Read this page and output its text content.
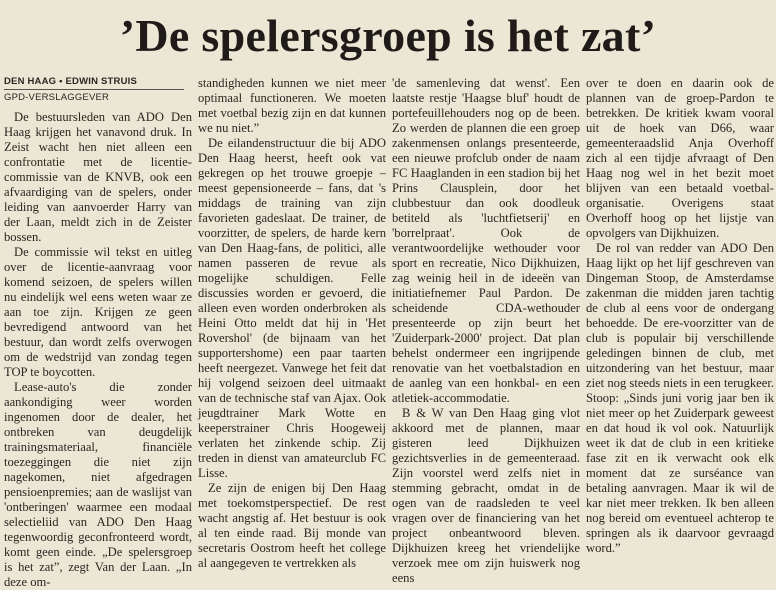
’De spelersgroep is het zat’
DEN HAAG • EDWIN STRUIS
GPD-VERSLAGGEVER

De bestuursleden van ADO Den Haag krijgen het vanavond druk. In Zeist wacht hen niet alleen een confrontatie met de licentie-commissie van de KNVB, ook een afvaardiging van de spelers, onder leiding van aanvoerder Harry van der Laan, meldt zich in de Zeister bossen.

De commissie wil tekst en uitleg over de licentie-aanvraag voor komend seizoen, de spelers willen nu eindelijk wel eens weten waar ze aan toe zijn. Krijgen ze geen bevredigend antwoord van het bestuur, dan wordt zelfs overwogen om de wedstrijd van zondag tegen TOP te boycotten.

Lease-auto's die zonder aankondiging weer worden ingenomen door de dealer, het ontbreken van deugdelijk trainingsmateriaal, financiële toezeggingen die niet zijn nagekomen, niet afgedragen pensioenpremies; aan de waslijst van 'ontberingen' waarmee een modaal selectieliid van ADO Den Haag tegenwoordig geconfronteerd wordt, komt geen einde. „De spelersgroep is het zat”, zegt Van der Laan. „In deze om-

standigheden kunnen we niet meer optimaal functioneren. We moeten met voetbal bezig zijn en dat kunnen we nu niet.”

De eilandenstructuur die bij ADO Den Haag heerst, heeft ook vat gekregen op het trouwe groepje – meest gepensioneerde – fans, dat 's middags de training van zijn favorieten gadeslaat. De trainer, de voorzitter, de spelers, de harde kern van Den Haag-fans, de politici, alle namen passeren de revue als mogelijke schuldigen. Felle discussies worden er gevoerd, die alleen even worden onderbroken als Heini Otto meldt dat hij in 'Het Rovershol' (de bijnaam van het supportershome) een paar taarten heeft neergezet. Vanwege het feit dat hij volgend seizoen deel uitmaakt van de technische staf van Ajax. Ook jeugdtrainer Mark Wotte en keeperstrainer Chris Hoogeweij verlaten het zinkende schip. Zij treden in dienst van amateurclub FC Lisse.

Ze zijn de enigen bij Den Haag met toekomstperspectief. De rest wacht angstig af. Het bestuur is ook al ten einde raad. Bij monde van secretaris Oostrom heeft het college al aangegeven te vertrekken als

'de samenleving dat wenst'. Een laatste restje 'Haagse bluf' houdt de portefeuillehouders nog op de been. Zo werden de plannen die een groep zakenmensen onlangs presenteerde, een nieuwe profclub onder de naam FC Haaglanden in een stadion bij het Prins Clausplein, door het clubbestuur dan ook doodleuk betiteld als 'luchtfietserij' en 'borrelpraat'. Ook de verantwoordelijke wethouder voor sport en recreatie, Nico Dijkhuizen, zag weinig heil in de ideeën van initiatiefnemer Paul Pardon. De scheidende CDA-wethouder presenteerde op zijn beurt het 'Zuiderpark-2000' project. Dat plan behelst ondermeer een ingrijpende renovatie van het voetbalstadion en de aanleg van een honkbal- en een atletiek-accommodatie.

B & W van Den Haag ging vlot akkoord met de plannen, maar gisteren leed Dijkhuizen gezichtsverlies in de gemeenteraad. Zijn voorstel werd zelfs niet in stemming gebracht, omdat in de ogen van de raadsleden te veel vragen over de financiering van het project onbeantwoord bleven. Dijkhuizen kreeg het vriendelijke verzoek mee om zijn huiswerk nog eens

over te doen en daarin ook de plannen van de groep-Pardon te betrekken. De kritiek kwam vooral uit de hoek van D66, waar gemeenteraadslid Anja Overhoff zich al een tijdje afvraagt of Den Haag nog wel in het bezit moet blijven van een betaald voetbal-organisatie. Overigens staat Overhoff hoog op het lijstje van opvolgers van Dijkhuizen.

De rol van redder van ADO Den Haag lijkt op het lijf geschreven van Dingeman Stoop, de Amsterdamse zakenman die midden jaren tachtig de club al eens voor de ondergang behoedde. De ere-voorzitter van de club is populair bij verschillende geledingen binnen de club, met uitzondering van het bestuur, maar ziet nog steeds niets in een terugkeer. Stoop: „Sinds juni vorig jaar ben ik niet meer op het Zuiderpark geweest en dat houd ik vol ook. Natuurlijk weet ik dat de club in een kritieke fase zit en ik verwacht ook elk moment dat ze surséance van betaling aanvragen. Maar ik wil de kar niet meer trekken. Ik ben alleen nog bereid om eventueel achterop te springen als ik daarvoor gevraagd word.”
